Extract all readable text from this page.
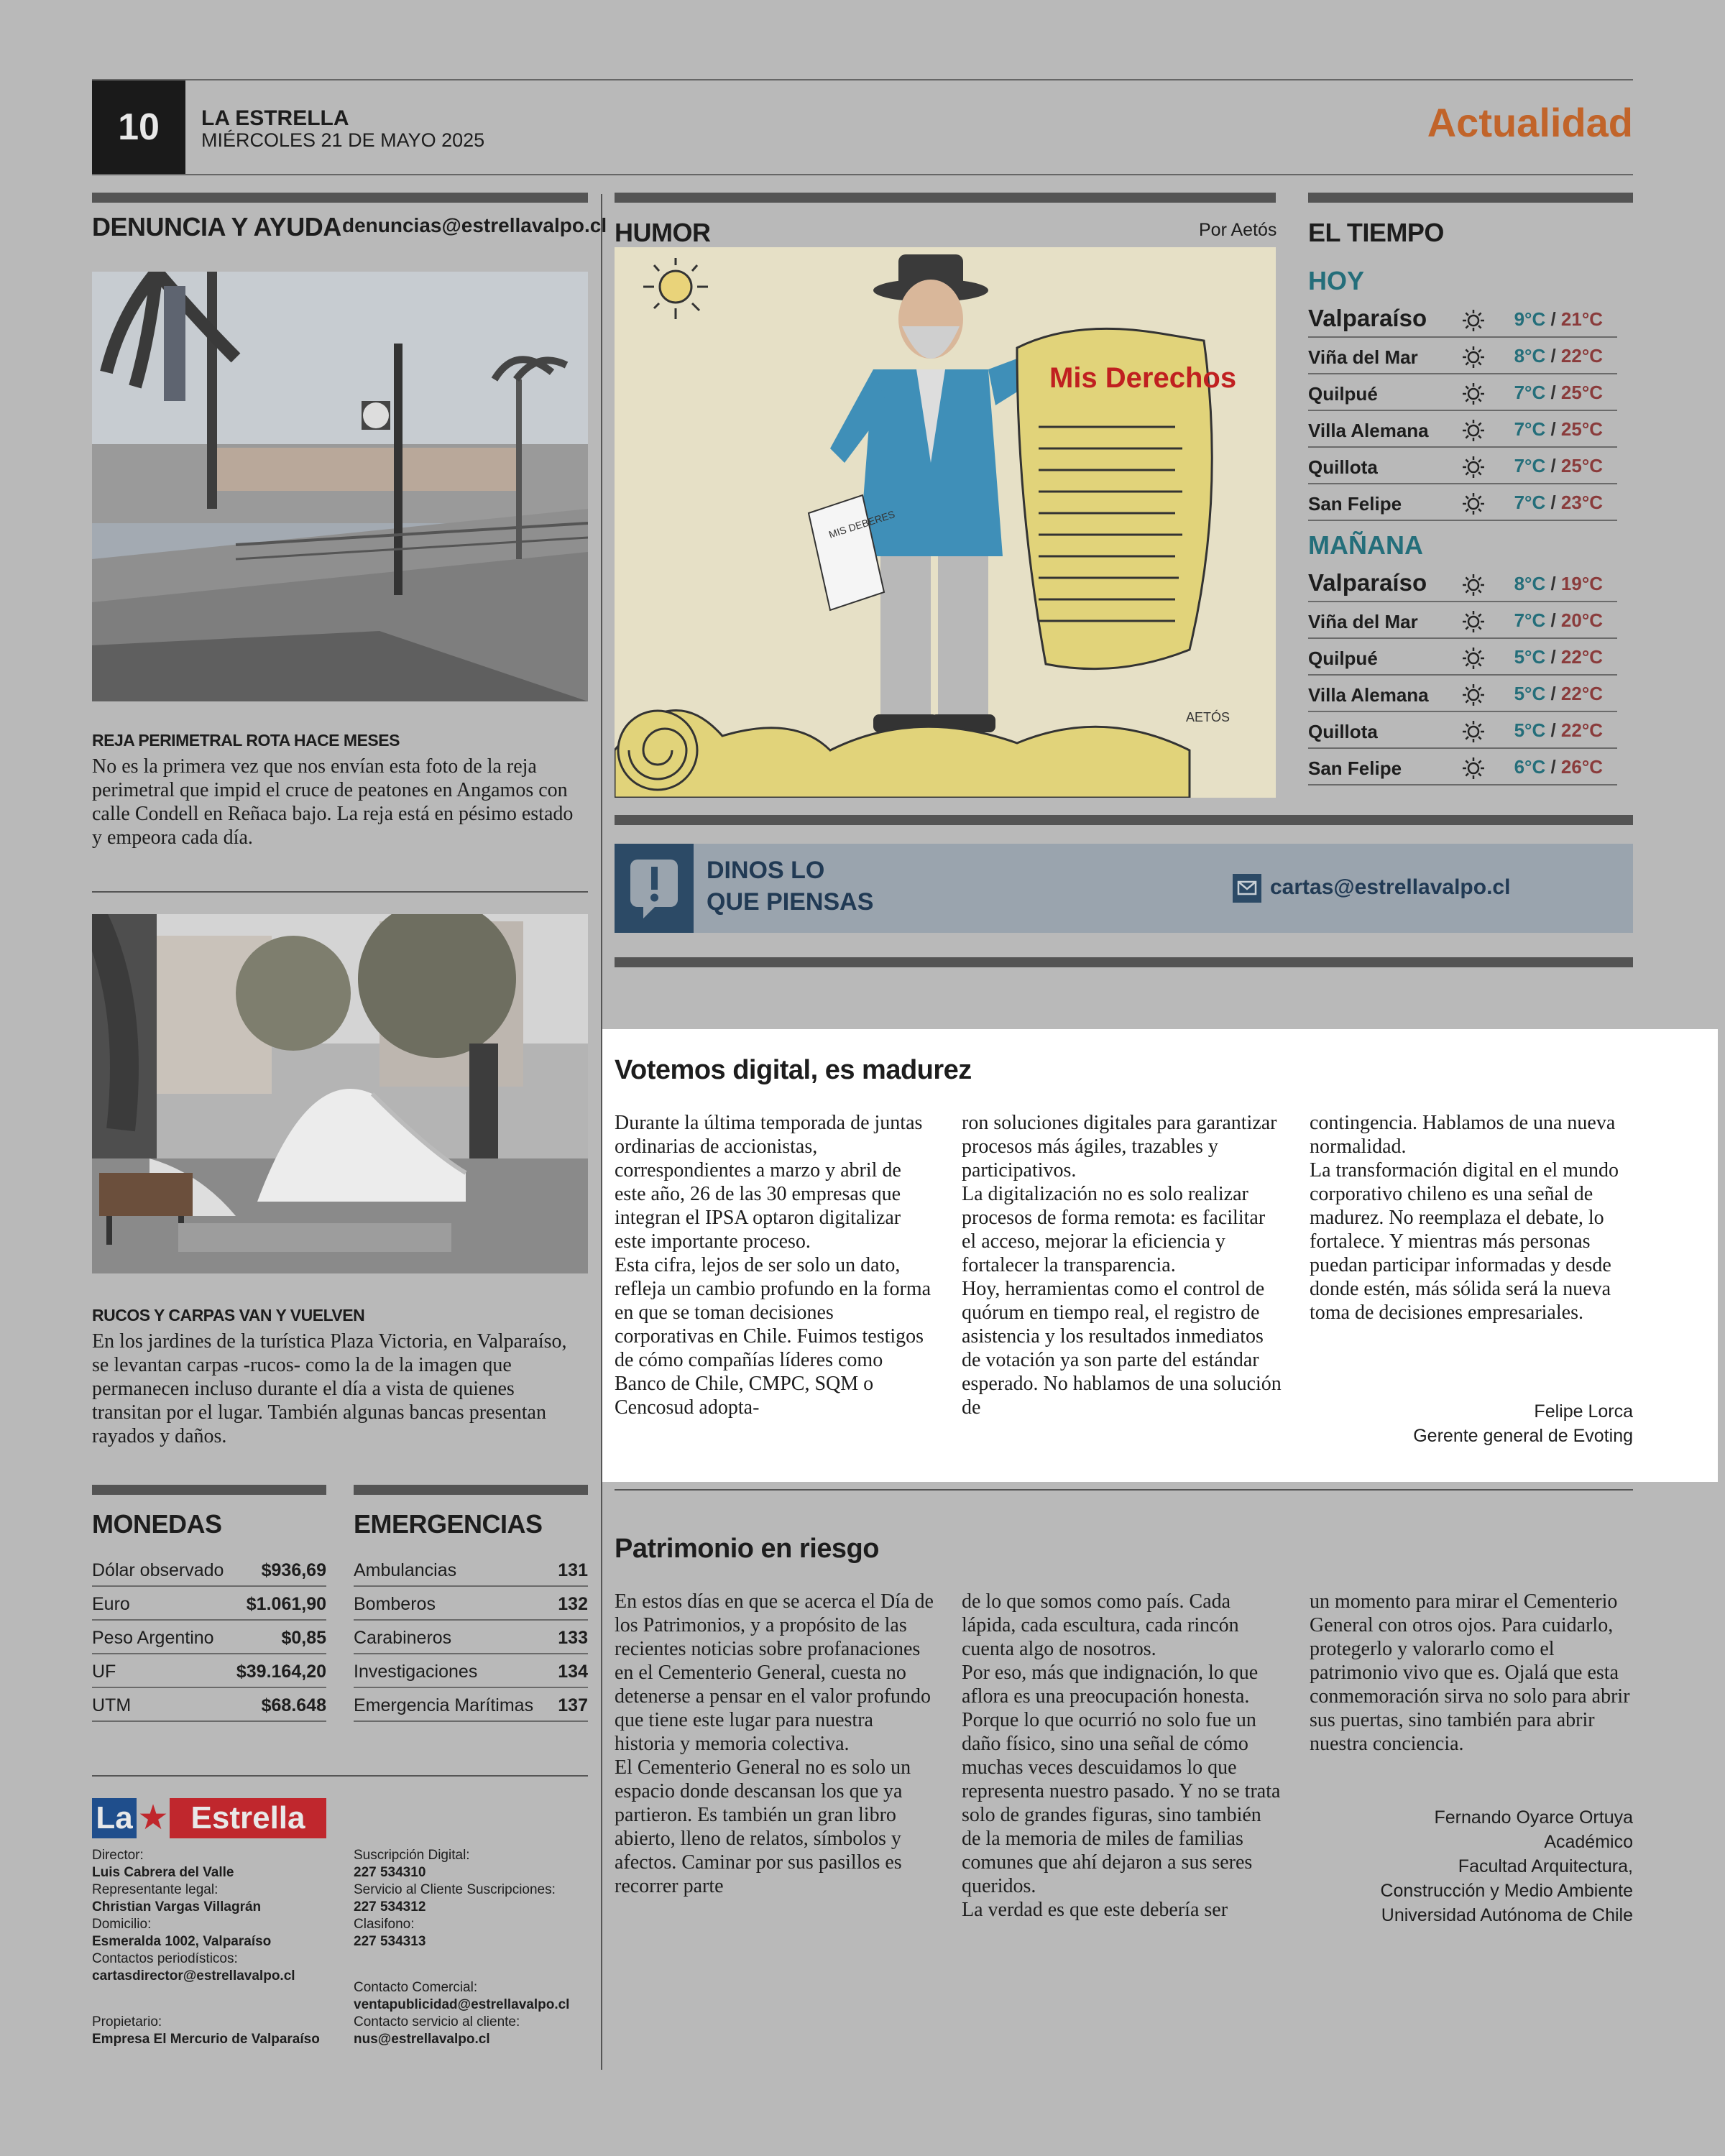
10	LA ESTRELLA
MIÉRCOLES 21 DE MAYO 2025	Actualidad
DENUNCIA Y AYUDA denuncias@estrellavalpo.cl
REJA PERIMETRAL ROTA HACE MESES
No es la primera vez que nos envían esta foto de la reja perimetral que impid el cruce de peatones en Angamos con calle Condell en Reñaca bajo. La reja está en pésimo estado y empeora cada día.
RUCOS Y CARPAS VAN Y VUELVEN
En los jardines de la turística Plaza Victoria, en Valparaíso, se levantan carpas -rucos- como la de la imagen que permanecen incluso durante el día a vista de quienes transitan por el lugar. También algunas bancas presentan rayados y daños.
HUMOR	Por Aetós
MIS DEBERES
Mis Derechos
AETÓS
EL TIEMPO
HOY
Valparaíso	9°C / 21°C
Viña del Mar	8°C / 22°C
Quilpué	7°C / 25°C
Villa Alemana	7°C / 25°C
Quillota	7°C / 25°C
San Felipe	7°C / 23°C
MAÑANA
Valparaíso	8°C / 19°C
Viña del Mar	7°C / 20°C
Quilpué	5°C / 22°C
Villa Alemana	5°C / 22°C
Quillota	5°C / 22°C
San Felipe	6°C / 26°C
DINOS LO
QUE PIENSAS
cartas@estrellavalpo.cl
Votemos digital, es madurez

Durante la última temporada de juntas ordinarias de accionistas, correspondientes a marzo y abril de este año, 26 de las 30 empresas que integran el IPSA optaron digitalizar este importante proceso.

Esta cifra, lejos de ser solo un dato, refleja un cambio profundo en la forma en que se toman decisiones corporativas en Chile. Fuimos testigos de cómo compañías líderes como Banco de Chile, CMPC, SQM o Cencosud adopta-

ron soluciones digitales para garantizar procesos más ágiles, trazables y participativos.

La digitalización no es solo realizar procesos de forma remota: es facilitar el acceso, mejorar la eficiencia y fortalecer la transparencia.

Hoy, herramientas como el control de quórum en tiempo real, el registro de asistencia y los resultados inmediatos de votación ya son parte del estándar esperado. No hablamos de una solución de

contingencia. Hablamos de una nueva normalidad.

La transformación digital en el mundo corporativo chileno es una señal de madurez. No reemplaza el debate, lo fortalece. Y mientras más personas puedan participar informadas y desde donde estén, más sólida será la nueva toma de decisiones empresariales.

Felipe Lorca
Gerente general de Evoting
Patrimonio en riesgo

En estos días en que se acerca el Día de los Patrimonios, y a propósito de las recientes noticias sobre profanaciones en el Cementerio General, cuesta no detenerse a pensar en el valor profundo que tiene este lugar para nuestra historia y memoria colectiva.

El Cementerio General no es solo un espacio donde descansan los que ya partieron. Es también un gran libro abierto, lleno de relatos, símbolos y afectos. Caminar por sus pasillos es recorrer parte

de lo que somos como país. Cada lápida, cada escultura, cada rincón cuenta algo de nosotros.

Por eso, más que indignación, lo que aflora es una preocupación honesta. Porque lo que ocurrió no solo fue un daño físico, sino una señal de cómo muchas veces descuidamos lo que representa nuestro pasado. Y no se trata solo de grandes figuras, sino también de la memoria de miles de familias comunes que ahí dejaron a sus seres queridos.

La verdad es que este debería ser

un momento para mirar el Cementerio General con otros ojos. Para cuidarlo, protegerlo y valorarlo como el patrimonio vivo que es. Ojalá que esta conmemoración sirva no solo para abrir sus puertas, sino también para abrir nuestra conciencia.

Fernando Oyarce Ortuya
Académico
Facultad Arquitectura,
Construcción y Medio Ambiente
Universidad Autónoma de Chile
MONEDAS
Dólar observado $936,69
Euro	$1.061,90
Peso Argentino	$0,85
UF	$39.164,20
UTM	$68.648
EMERGENCIAS
Ambulancias	131
Bomberos	132
Carabineros	133
Investigaciones	134
Emergencia Marítimas 137
La ★ Estrella
Director:
Luis Cabrera del Valle
Representante legal:
Christian Vargas Villagrán
Domicilio:
Esmeralda 1002, Valparaíso
Contactos periodísticos:
cartasdirector@estrellavalpo.cl
Propietario:
Empresa El Mercurio de Valparaíso
Suscripción Digital:
227 534310
Servicio al Cliente Suscripciones:
227 534312
Clasifono:
227 534313
Contacto Comercial:
ventapublicidad@estrellavalpo.cl
Contacto servicio al cliente:
nus@estrellavalpo.cl
